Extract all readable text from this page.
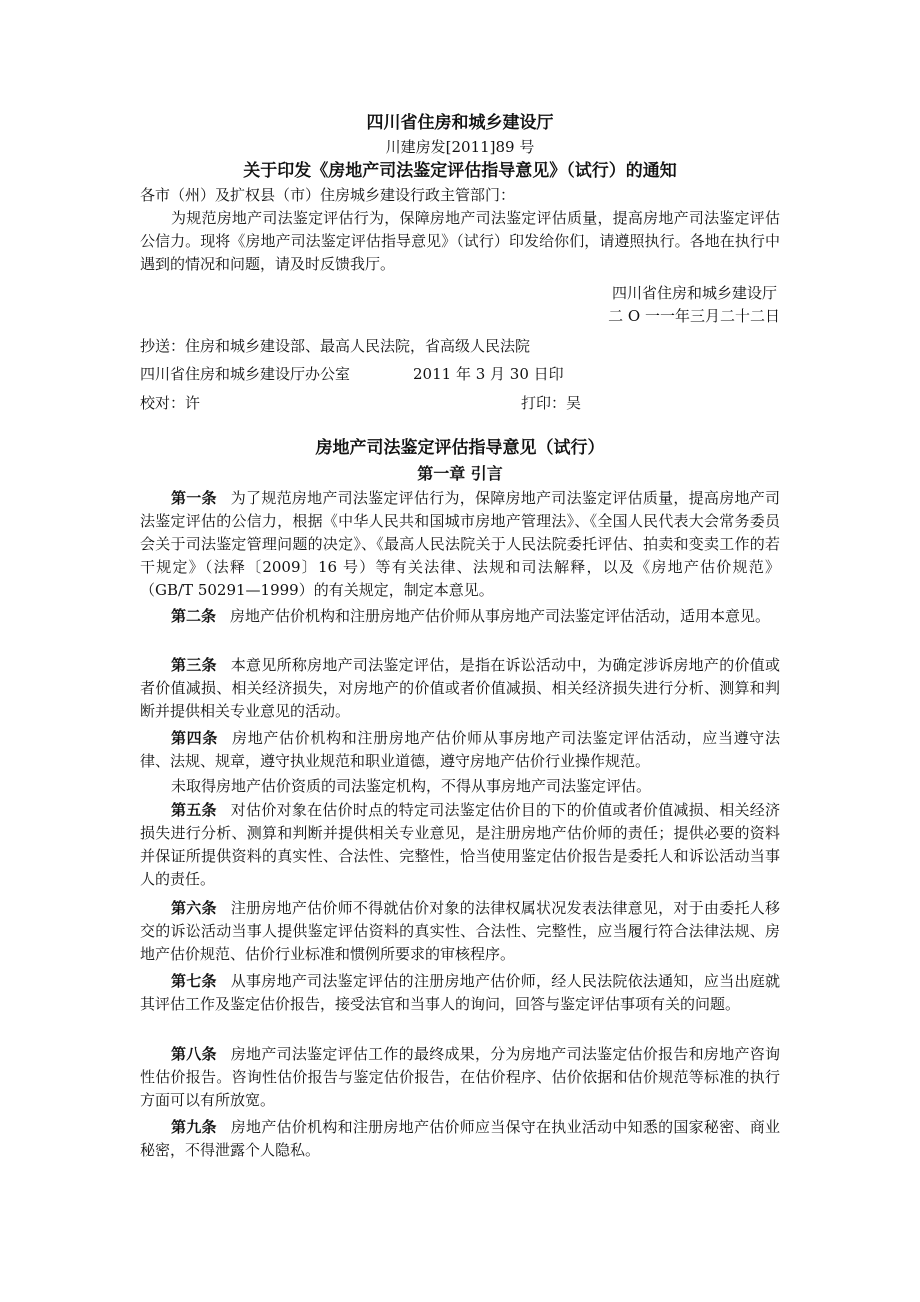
四川省住房和城乡建设厅
川建房发[2011]89 号
关于印发《房地产司法鉴定评估指导意见》（试行）的通知
各市（州）及扩权县（市）住房城乡建设行政主管部门：
为规范房地产司法鉴定评估行为，保障房地产司法鉴定评估质量，提高房地产司法鉴定评估公信力。现将《房地产司法鉴定评估指导意见》（试行）印发给你们，请遵照执行。各地在执行中遇到的情况和问题，请及时反馈我厅。
四川省住房和城乡建设厅
二 O 一一年三月二十二日
抄送：住房和城乡建设部、最高人民法院，省高级人民法院
四川省住房和城乡建设厅办公室	2011 年 3 月 30 日印
校对：许	打印：吴
房地产司法鉴定评估指导意见（试行）
第一章 引言
第一条 为了规范房地产司法鉴定评估行为，保障房地产司法鉴定评估质量，提高房地产司法鉴定评估的公信力，根据《中华人民共和国城市房地产管理法》、《全国人民代表大会常务委员会关于司法鉴定管理问题的决定》、《最高人民法院关于人民法院委托评估、拍卖和变卖工作的若干规定》（法释〔2009〕16 号）等有关法律、法规和司法解释，以及《房地产估价规范》（GB/T 50291—1999）的有关规定，制定本意见。
第二条 房地产估价机构和注册房地产估价师从事房地产司法鉴定评估活动，适用本意见。
第三条 本意见所称房地产司法鉴定评估，是指在诉讼活动中，为确定涉诉房地产的价值或者价值减损、相关经济损失，对房地产的价值或者价值减损、相关经济损失进行分析、测算和判断并提供相关专业意见的活动。
第四条 房地产估价机构和注册房地产估价师从事房地产司法鉴定评估活动，应当遵守法律、法规、规章，遵守执业规范和职业道德，遵守房地产估价行业操作规范。
未取得房地产估价资质的司法鉴定机构，不得从事房地产司法鉴定评估。
第五条 对估价对象在估价时点的特定司法鉴定估价目的下的价值或者价值减损、相关经济损失进行分析、测算和判断并提供相关专业意见，是注册房地产估价师的责任；提供必要的资料并保证所提供资料的真实性、合法性、完整性，恰当使用鉴定估价报告是委托人和诉讼活动当事人的责任。
第六条 注册房地产估价师不得就估价对象的法律权属状况发表法律意见，对于由委托人移交的诉讼活动当事人提供鉴定评估资料的真实性、合法性、完整性，应当履行符合法律法规、房地产估价规范、估价行业标准和惯例所要求的审核程序。
第七条 从事房地产司法鉴定评估的注册房地产估价师，经人民法院依法通知，应当出庭就其评估工作及鉴定估价报告，接受法官和当事人的询问，回答与鉴定评估事项有关的问题。
第八条 房地产司法鉴定评估工作的最终成果，分为房地产司法鉴定估价报告和房地产咨询性估价报告。咨询性估价报告与鉴定估价报告，在估价程序、估价依据和估价规范等标准的执行方面可以有所放宽。
第九条 房地产估价机构和注册房地产估价师应当保守在执业活动中知悉的国家秘密、商业秘密，不得泄露个人隐私。
